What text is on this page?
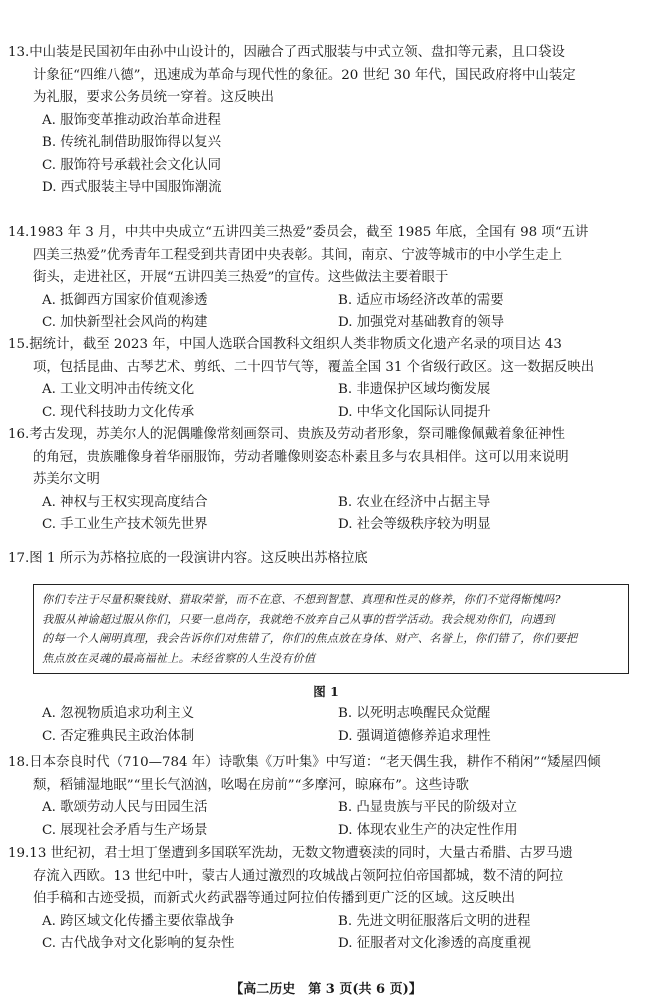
13.中山装是民国初年由孙中山设计的，因融合了西式服装与中式立领、盘扣等元素，且口袋设
计象征“四维八德”，迅速成为革命与现代性的象征。20 世纪 30 年代，国民政府将中山装定
为礼服，要求公务员统一穿着。这反映出
A. 服饰变革推动政治革命进程
B. 传统礼制借助服饰得以复兴
C. 服饰符号承载社会文化认同
D. 西式服装主导中国服饰潮流
14.1983 年 3 月，中共中央成立“五讲四美三热爱”委员会，截至 1985 年底，全国有 98 项“五讲
四美三热爱”优秀青年工程受到共青团中央表彰。其间，南京、宁波等城市的中小学生走上
街头，走进社区，开展“五讲四美三热爱”的宣传。这些做法主要着眼于
A. 抵御西方国家价值观渗透	B. 适应市场经济改革的需要
C. 加快新型社会风尚的构建	D. 加强党对基础教育的领导
15.据统计，截至 2023 年，中国人选联合国教科文组织人类非物质文化遗产名录的项目达 43
项，包括昆曲、古琴艺术、剪纸、二十四节气等，覆盖全国 31 个省级行政区。这一数据反映出
A. 工业文明冲击传统文化	B. 非遗保护区域均衡发展
C. 现代科技助力文化传承	D. 中华文化国际认同提升
16.考古发现，苏美尔人的泥偶雕像常刻画祭司、贵族及劳动者形象，祭司雕像佩戴着象征神性
的角冠，贵族雕像身着华丽服饰，劳动者雕像则姿态朴素且多与农具相伴。这可以用来说明
苏美尔文明
A. 神权与王权实现高度结合	B. 农业在经济中占据主导
C. 手工业生产技术领先世界	D. 社会等级秩序较为明显
17.图 1 所示为苏格拉底的一段演讲内容。这反映出苏格拉底
你们专注于尽量积聚钱财、猎取荣誉，而不在意、不想到智慧、真理和性灵的修养，你们不觉得惭愧吗?
我服从神谕超过服从你们，只要一息尚存，我就绝不放弃自己从事的哲学活动。我会规劝你们，向遇到
的每一个人阐明真理，我会告诉你们对焦错了，你们的焦点放在身体、财产、名誉上，你们错了，你们要把
焦点放在灵魂的最高福祉上。未经省察的人生没有价值
图 1
A. 忽视物质追求功利主义	B. 以死明志唤醒民众觉醒
C. 否定雅典民主政治体制	D. 强调道德修养追求理性
18.日本奈良时代（710—784 年）诗歌集《万叶集》中写道：“老天偶生我，耕作不稍闲”“矮屋四倾
颓，稻铺湿地眠”“里长气汹汹，吆喝在房前”“多摩河，晾麻布”。这些诗歌
A. 歌颂劳动人民与田园生活	B. 凸显贵族与平民的阶级对立
C. 展现社会矛盾与生产场景	D. 体现农业生产的决定性作用
19.13 世纪初，君士坦丁堡遭到多国联军洗劫，无数文物遭亵渎的同时，大量古希腊、古罗马遗
存流入西欧。13 世纪中叶，蒙古人通过激烈的攻城战占领阿拉伯帝国都城，数不清的阿拉
伯手稿和古迹受损，而新式火药武器等通过阿拉伯传播到更广泛的区域。这反映出
A. 跨区域文化传播主要依靠战争	B. 先进文明征服落后文明的进程
C. 古代战争对文化影响的复杂性	D. 征服者对文化渗透的高度重视
【高二历史　第 3 页(共 6 页)】
